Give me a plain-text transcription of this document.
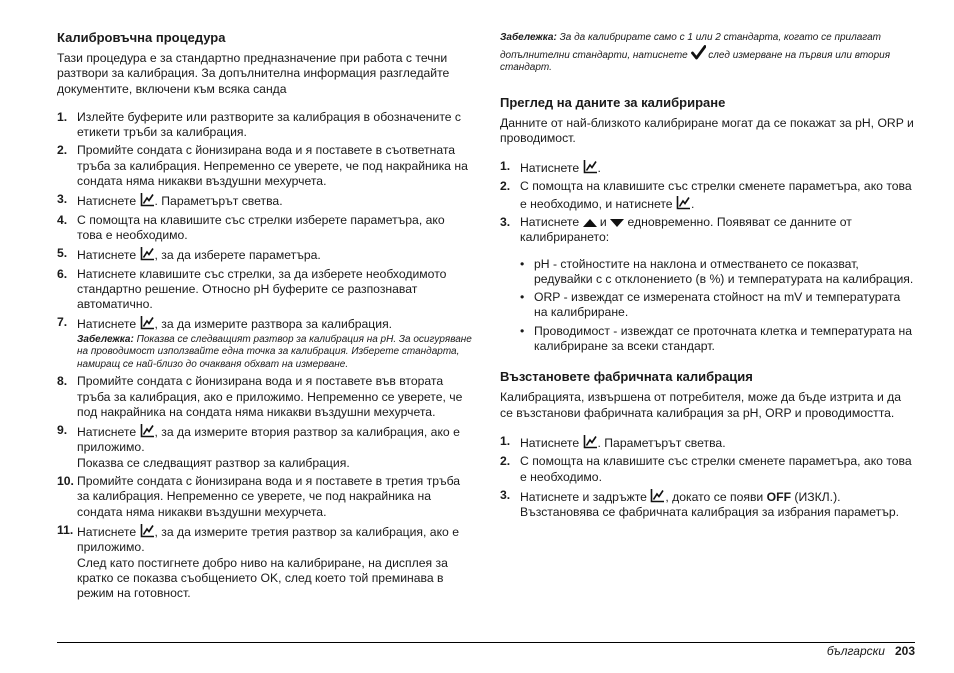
Калибровъчна процедура

Тази процедура е за стандартно предназначение при работа с течни разтвори за калибрация. За допълнителна информация разгледайте документите, включени към всяка санда

1. Излейте буферите или разтворите за калибрация в обозначените с етикети тръби за калибрация.
2. Промийте сондата с йонизирана вода и я поставете в съответната тръба за калибрация. Непременно се уверете, че под накрайника на сондата няма никакви въздушни мехурчета.
3. Натиснете . Параметърът светва.
4. С помощта на клавишите със стрелки изберете параметъра, ако това е необходимо.
5. Натиснете , за да изберете параметъра.
6. Натиснете клавишите със стрелки, за да изберете необходимото стандартно решение. Относно pH буферите се разпознават автоматично.
7. Натиснете , за да измерите разтвора за калибрация.
Забележка: Показва се следващият разтвор за калибрация на pH. За осигуряване на проводимост използвайте една точка за калибрация. Изберете стандарта, намиращ се най-близо до очакваня обхват на измерване.
8. Промийте сондата с йонизирана вода и я поставете във втората тръба за калибрация, ако е приложимо. Непременно се уверете, че под накрайника на сондата няма никакви въздушни мехурчета.
9. Натиснете , за да измерите втория разтвор за калибрация, ако е приложимо.
Показва се следващият разтвор за калибрация.
10. Промийте сондата с йонизирана вода и я поставете в третия тръба за калибрация. Непременно се уверете, че под накрайника на сондата няма никакви въздушни мехурчета.
11. Натиснете , за да измерите третия разтвор за калибрация, ако е приложимо.
След като постигнете добро ниво на калибриране, на дисплея за кратко се показва съобщението OK, след което той преминава в режим на готовност.

Забележка: За да калибрирате само с 1 или 2 стандарта, когато се прилагат допълнителни стандарти, натиснете след измерване на първия или втория стандарт.

Преглед на даните за калибриране

Данните от най-близкото калибриране могат да се покажат за pH, ORP и проводимост.

1. Натиснете .
2. С помощта на клавишите със стрелки сменете параметъра, ако това е необходимо, и натиснете .
3. Натиснете и едновременно. Появяват се данните от калибрирането:
• pH - стойностите на наклона и отместването се показват, редувайки с с отклонението (в %) и температурата на калибрация.
• ORP - извеждат се измерената стойност на mV и температурата на калибриране.
• Проводимост - извеждат се проточната клетка и температурата на калибриране за всеки стандарт.
Възстановете фабричната калибрация

Калибрацията, извършена от потребителя, може да бъде изтрита и да се възстанови фабричната калибрация за pH, ORP и проводимостта.

1. Натиснете . Параметърът светва.
2. С помощта на клавишите със стрелки сменете параметъра, ако това е необходимо.
3. Натиснете и задръжте , докато се появи OFF (ИЗКЛ.).
Възстановява се фабричната калибрация за избрания параметър.
български 203
